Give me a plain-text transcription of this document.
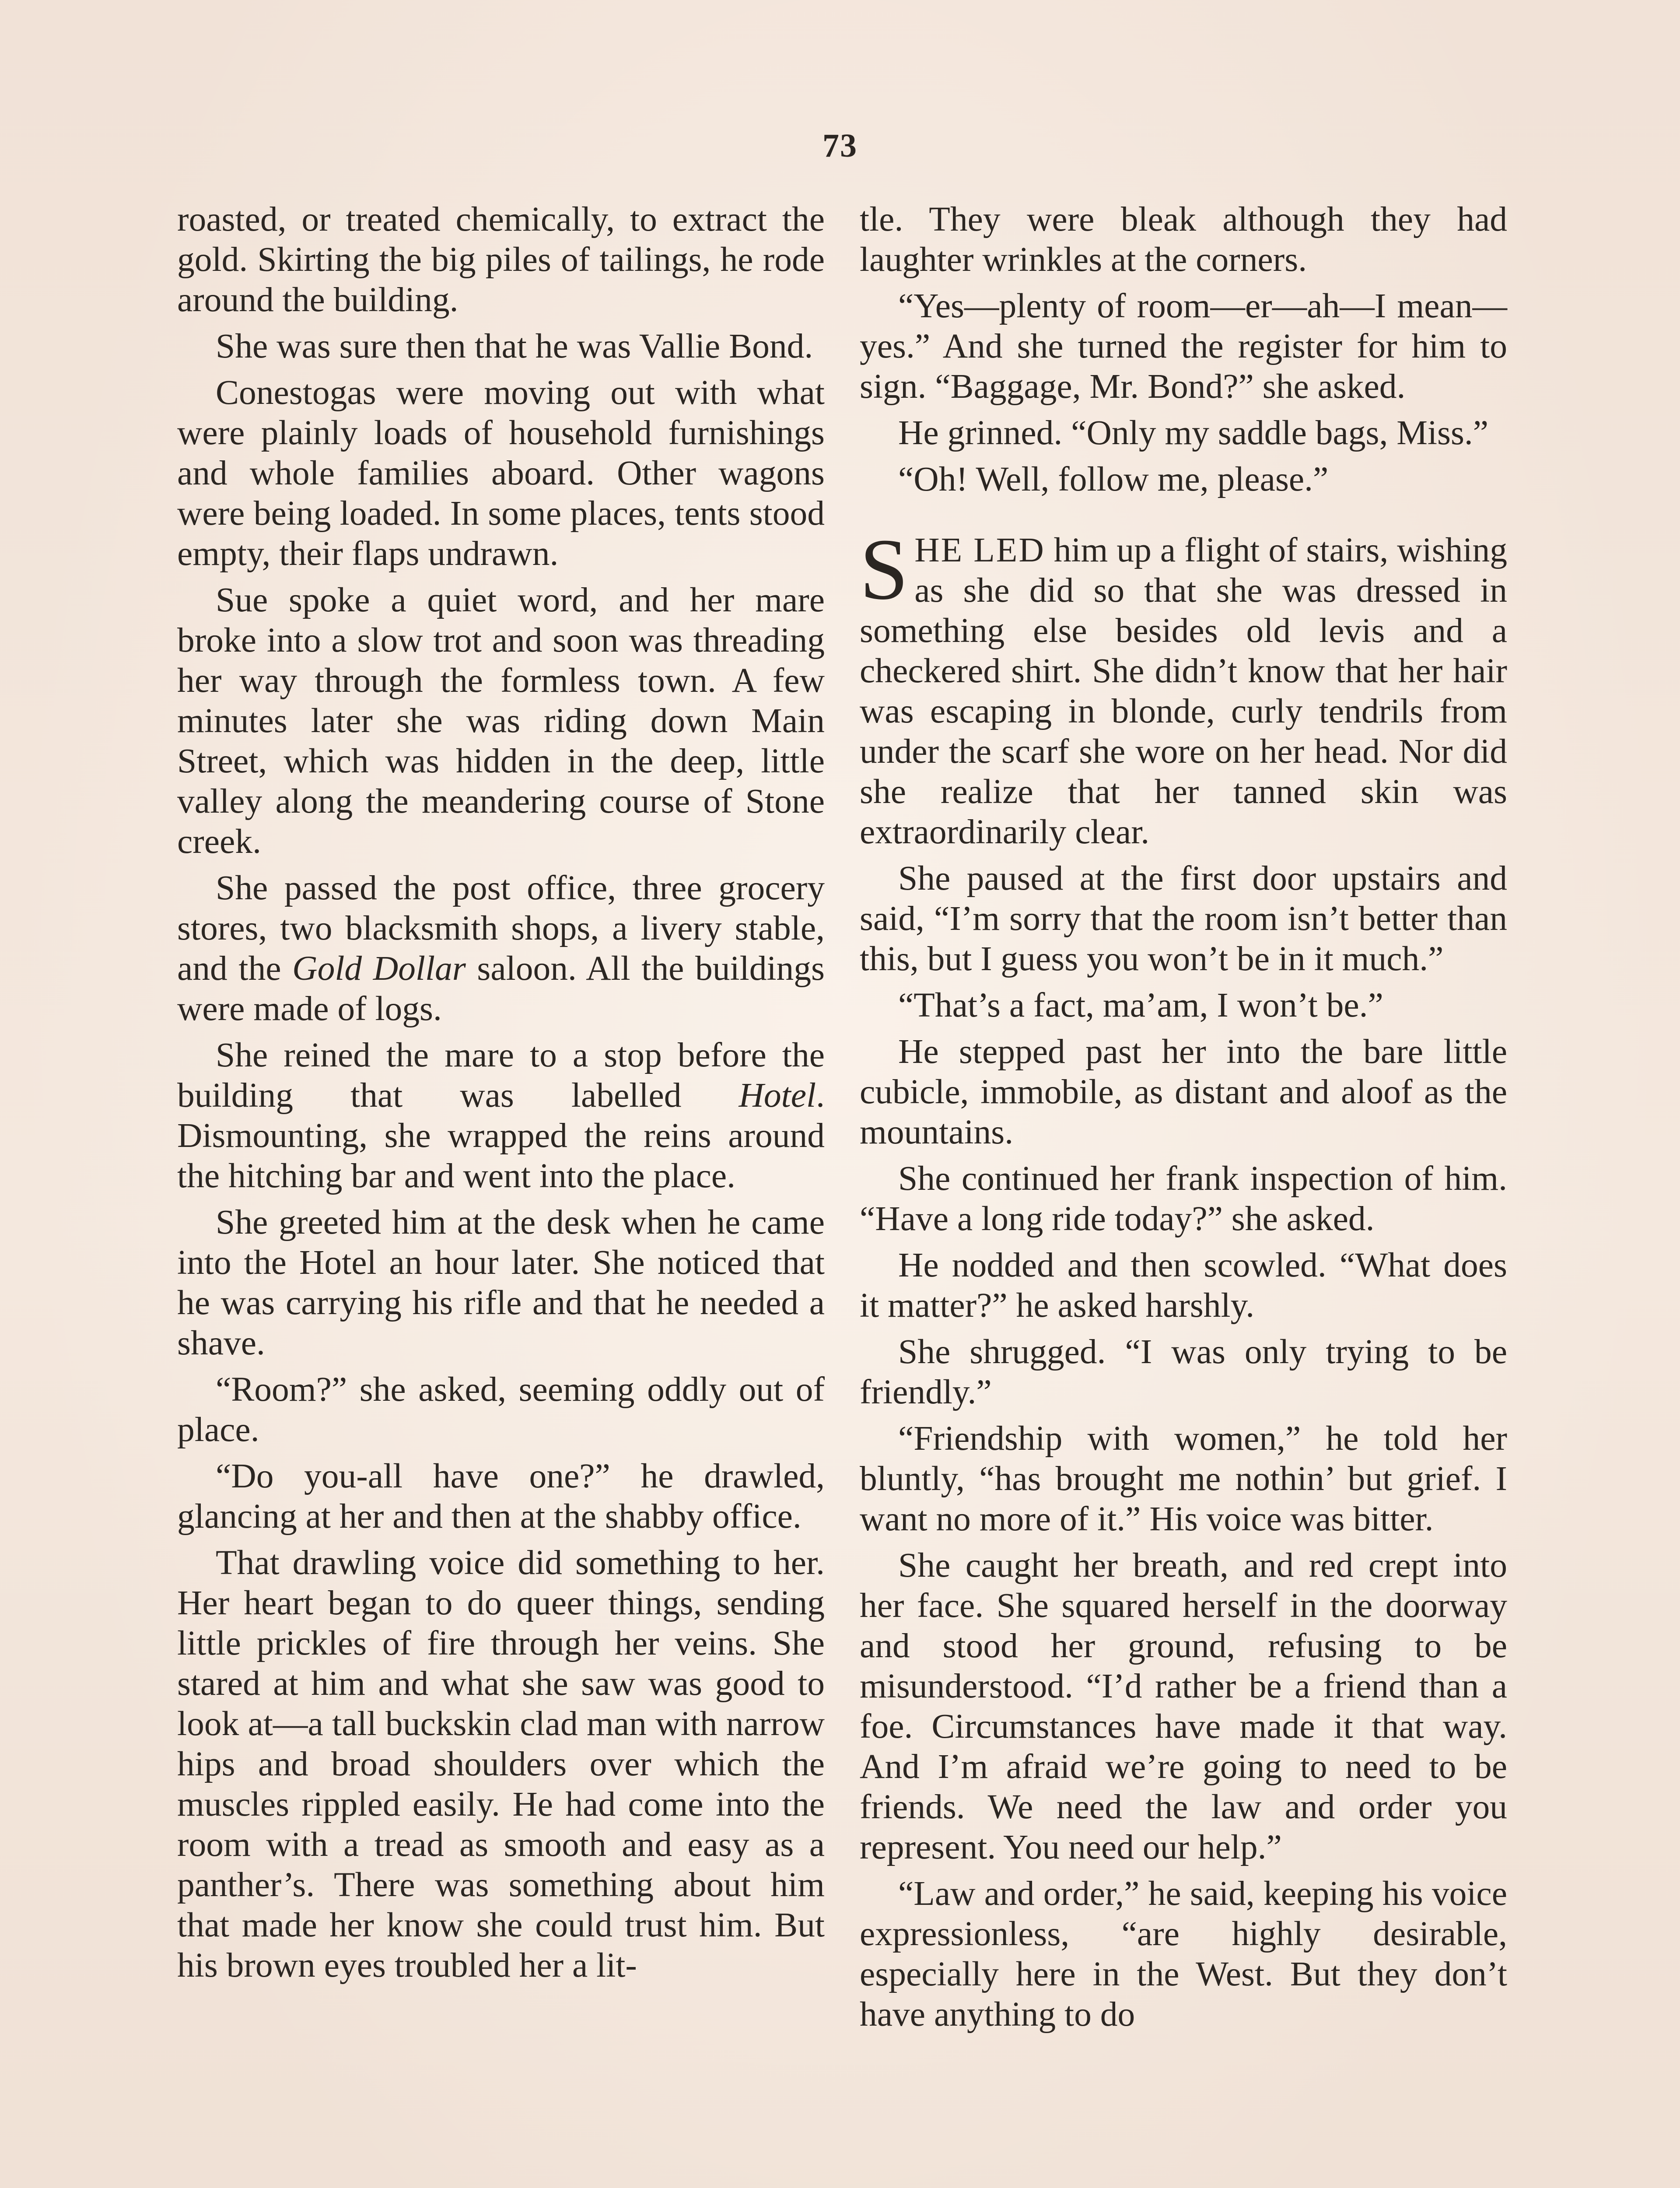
73

roasted, or treated chemically, to extract the gold. Skirting the big piles of tailings, he rode around the building.

She was sure then that he was Vallie Bond.

Conestogas were moving out with what were plainly loads of household furnishings and whole families aboard. Other wagons were being loaded. In some places, tents stood empty, their flaps undrawn.

Sue spoke a quiet word, and her mare broke into a slow trot and soon was threading her way through the formless town. A few minutes later she was riding down Main Street, which was hidden in the deep, little valley along the meandering course of Stone creek.

She passed the post office, three grocery stores, two blacksmith shops, a livery stable, and the Gold Dollar saloon. All the buildings were made of logs.

She reined the mare to a stop before the building that was labelled Hotel. Dismounting, she wrapped the reins around the hitching bar and went into the place.

She greeted him at the desk when he came into the Hotel an hour later. She noticed that he was carrying his rifle and that he needed a shave.

“Room?” she asked, seeming oddly out of place.

“Do you-all have one?” he drawled, glancing at her and then at the shabby office.

That drawling voice did something to her. Her heart began to do queer things, sending little prickles of fire through her veins. She stared at him and what she saw was good to look at—a tall buckskin clad man with narrow hips and broad shoulders over which the muscles rippled easily. He had come into the room with a tread as smooth and easy as a panther’s. There was something about him that made her know she could trust him. But his brown eyes troubled her a lit-

tle. They were bleak although they had laughter wrinkles at the corners.

“Yes—plenty of room—er—ah—I mean—yes.” And she turned the register for him to sign. “Baggage, Mr. Bond?” she asked.

He grinned. “Only my saddle bags, Miss.”

“Oh! Well, follow me, please.”

SHE LED him up a flight of stairs, wishing as she did so that she was dressed in something else besides old levis and a checkered shirt. She didn’t know that her hair was escaping in blonde, curly tendrils from under the scarf she wore on her head. Nor did she realize that her tanned skin was extraordinarily clear.

She paused at the first door upstairs and said, “I’m sorry that the room isn’t better than this, but I guess you won’t be in it much.”

“That’s a fact, ma’am, I won’t be.”

He stepped past her into the bare little cubicle, immobile, as distant and aloof as the mountains.

She continued her frank inspection of him. “Have a long ride today?” she asked.

He nodded and then scowled. “What does it matter?” he asked harshly.

She shrugged. “I was only trying to be friendly.”

“Friendship with women,” he told her bluntly, “has brought me nothin’ but grief. I want no more of it.” His voice was bitter.

She caught her breath, and red crept into her face. She squared herself in the doorway and stood her ground, refusing to be misunderstood. “I’d rather be a friend than a foe. Circumstances have made it that way. And I’m afraid we’re going to need to be friends. We need the law and order you represent. You need our help.”

“Law and order,” he said, keeping his voice expressionless, “are highly desirable, especially here in the West. But they don’t have anything to do
